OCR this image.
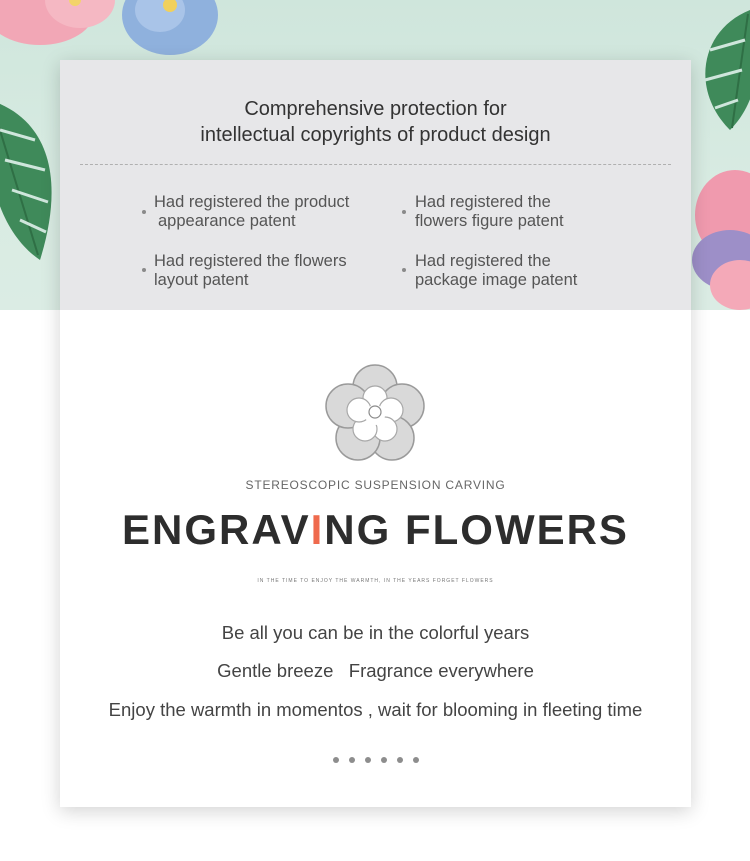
Comprehensive protection for
intellectual copyrights of product design
Had registered the product
appearance patent
Had registered the
flowers figure patent
Had registered the flowers
layout patent
Had registered the
package image patent
STEREOSCOPIC SUSPENSION CARVING
ENGRAVING FLOWERS
IN THE TIME TO ENJOY THE WARMTH, IN THE YEARS FORGET FLOWERS
Be all you can be in the colorful years
Gentle breeze   Fragrance everywhere
Enjoy the warmth in momentos , wait for blooming in fleeting time
